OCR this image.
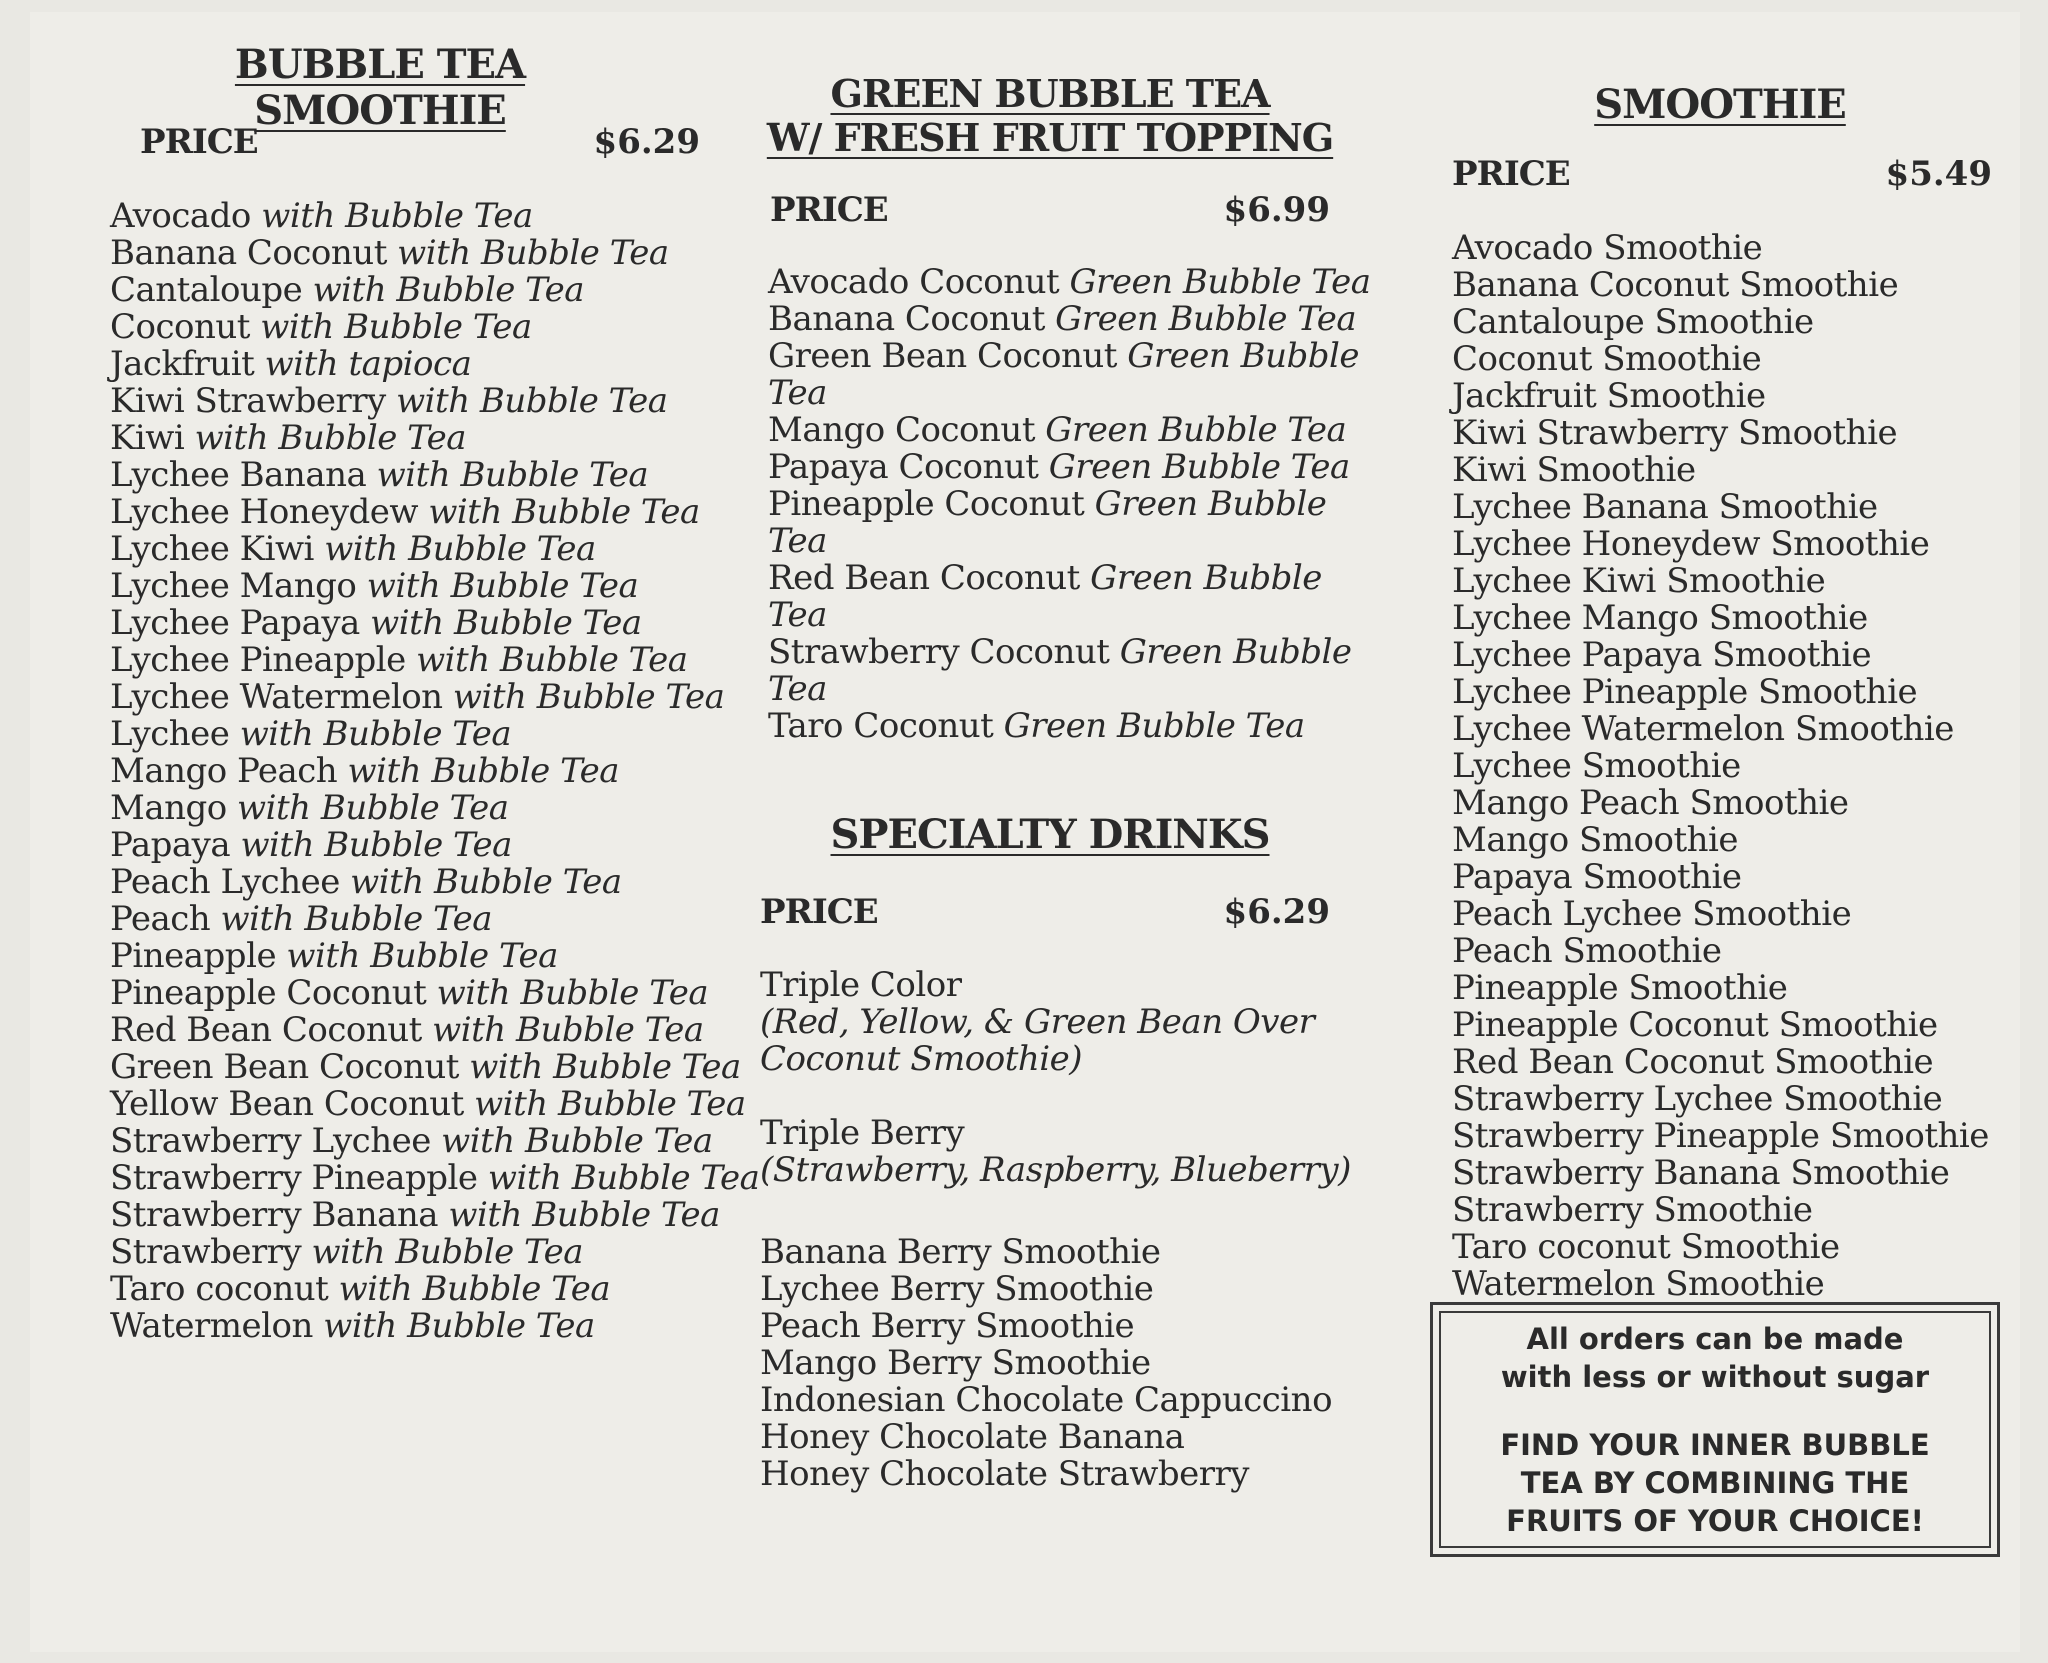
BUBBLE TEA SMOOTHIE
PRICE	$6.29
Avocado with Bubble Tea
Banana Coconut with Bubble Tea
Cantaloupe with Bubble Tea
Coconut with Bubble Tea
Jackfruit with tapioca
Kiwi Strawberry with Bubble Tea
Kiwi with Bubble Tea
Lychee Banana with Bubble Tea
Lychee Honeydew with Bubble Tea
Lychee Kiwi with Bubble Tea
Lychee Mango with Bubble Tea
Lychee Papaya with Bubble Tea
Lychee Pineapple with Bubble Tea
Lychee Watermelon with Bubble Tea
Lychee with Bubble Tea
Mango Peach with Bubble Tea
Mango with Bubble Tea
Papaya with Bubble Tea
Peach Lychee with Bubble Tea
Peach with Bubble Tea
Pineapple with Bubble Tea
Pineapple Coconut with Bubble Tea
Red Bean Coconut with Bubble Tea
Green Bean Coconut with Bubble Tea
Yellow Bean Coconut with Bubble Tea
Strawberry Lychee with Bubble Tea
Strawberry Pineapple with Bubble Tea
Strawberry Banana with Bubble Tea
Strawberry with Bubble Tea
Taro coconut with Bubble Tea
Watermelon with Bubble Tea
GREEN BUBBLE TEA
W/ FRESH FRUIT TOPPING
PRICE	$6.99
Avocado Coconut Green Bubble Tea
Banana Coconut Green Bubble Tea
Green Bean Coconut Green Bubble Tea
Mango Coconut Green Bubble Tea
Papaya Coconut Green Bubble Tea
Pineapple Coconut Green Bubble Tea
Red Bean Coconut Green Bubble Tea
Strawberry Coconut Green Bubble Tea
Taro Coconut Green Bubble Tea
SPECIALTY DRINKS
PRICE	$6.29
Triple Color
(Red, Yellow, & Green Bean Over
Coconut Smoothie)
Triple Berry
(Strawberry, Raspberry, Blueberry)
Banana Berry Smoothie
Lychee Berry Smoothie
Peach Berry Smoothie
Mango Berry Smoothie
Indonesian Chocolate Cappuccino
Honey Chocolate Banana
Honey Chocolate Strawberry
SMOOTHIE
PRICE	$5.49
Avocado Smoothie
Banana Coconut Smoothie
Cantaloupe Smoothie
Coconut Smoothie
Jackfruit Smoothie
Kiwi Strawberry Smoothie
Kiwi Smoothie
Lychee Banana Smoothie
Lychee Honeydew Smoothie
Lychee Kiwi Smoothie
Lychee Mango Smoothie
Lychee Papaya Smoothie
Lychee Pineapple Smoothie
Lychee Watermelon Smoothie
Lychee Smoothie
Mango Peach Smoothie
Mango Smoothie
Papaya Smoothie
Peach Lychee Smoothie
Peach Smoothie
Pineapple Smoothie
Pineapple Coconut Smoothie
Red Bean Coconut Smoothie
Strawberry Lychee Smoothie
Strawberry Pineapple Smoothie
Strawberry Banana Smoothie
Strawberry Smoothie
Taro coconut Smoothie
Watermelon Smoothie

All orders can be made

with less or without sugar

FIND YOUR INNER BUBBLE

TEA BY COMBINING THE

FRUITS OF YOUR CHOICE!
